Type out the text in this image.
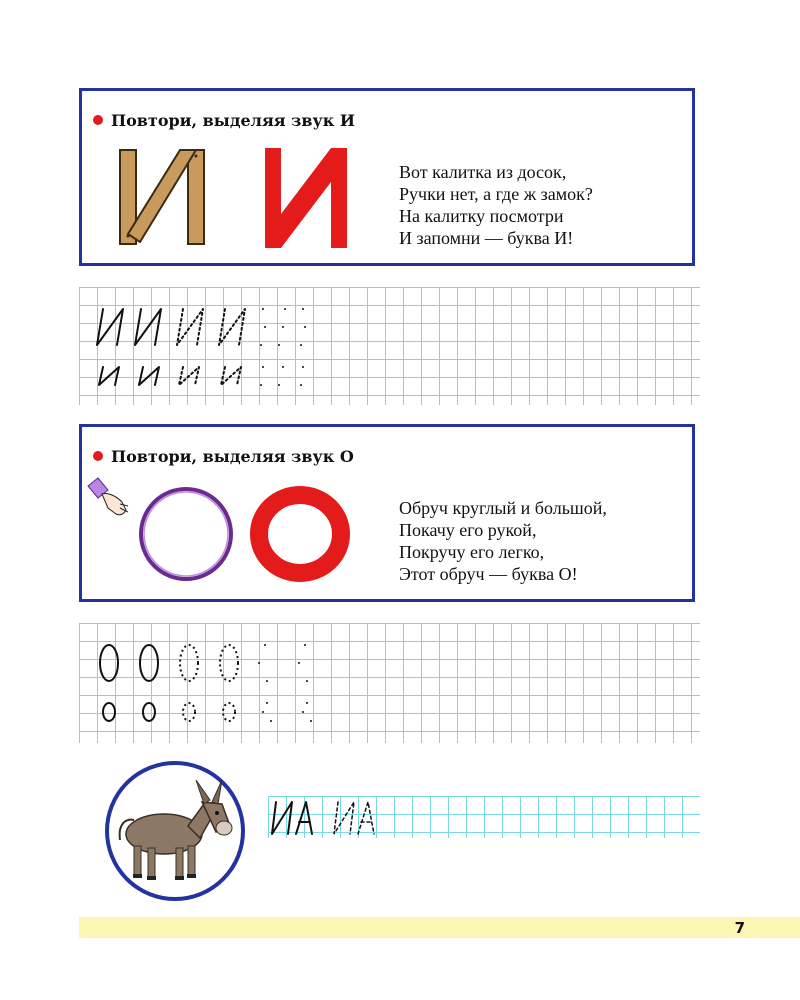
Повтори, выделяя звук И
Вот калитка из досок,
Ручки нет, а где ж замок?
На калитку посмотри
И запомни — буква И!
Повтори, выделяя звук О
Обруч круглый и большой,
Покачу его рукой,
Покручу его легко,
Этот обруч — буква О!
7
